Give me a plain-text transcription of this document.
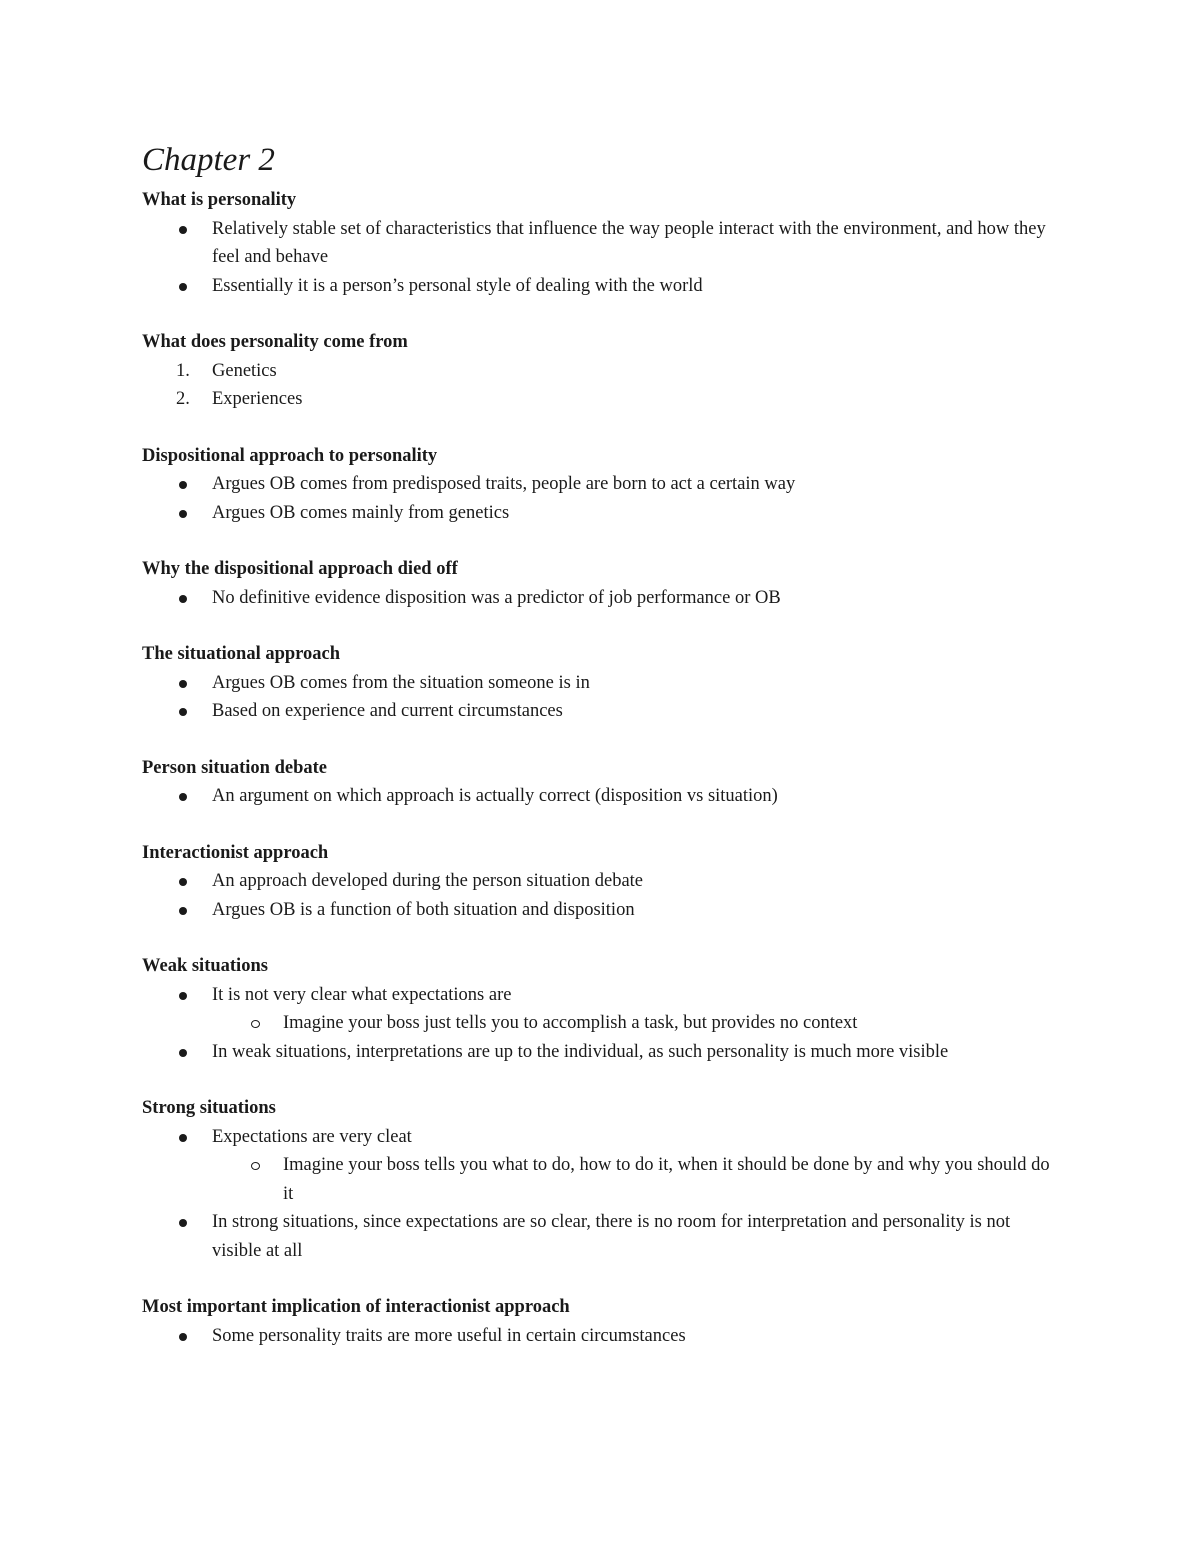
Chapter 2

What is personality

Relatively stable set of characteristics that influence the way people interact with the environment, and how they feel and behave
Essentially it is a person’s personal style of dealing with the world

What does personality come from

1. Genetics
2. Experiences

Dispositional approach to personality

Argues OB comes from predisposed traits, people are born to act a certain way
Argues OB comes mainly from genetics

Why the dispositional approach died off

No definitive evidence disposition was a predictor of job performance or OB

The situational approach

Argues OB comes from the situation someone is in
Based on experience and current circumstances

Person situation debate

An argument on which approach is actually correct (disposition vs situation)

Interactionist approach

An approach developed during the person situation debate
Argues OB is a function of both situation and disposition

Weak situations

It is not very clear what expectations are
Imagine your boss just tells you to accomplish a task, but provides no context
In weak situations, interpretations are up to the individual, as such personality is much more visible

Strong situations

Expectations are very cleat
Imagine your boss tells you what to do, how to do it, when it should be done by and why you should do it
In strong situations, since expectations are so clear, there is no room for interpretation and personality is not visible at all

Most important implication of interactionist approach

Some personality traits are more useful in certain circumstances
